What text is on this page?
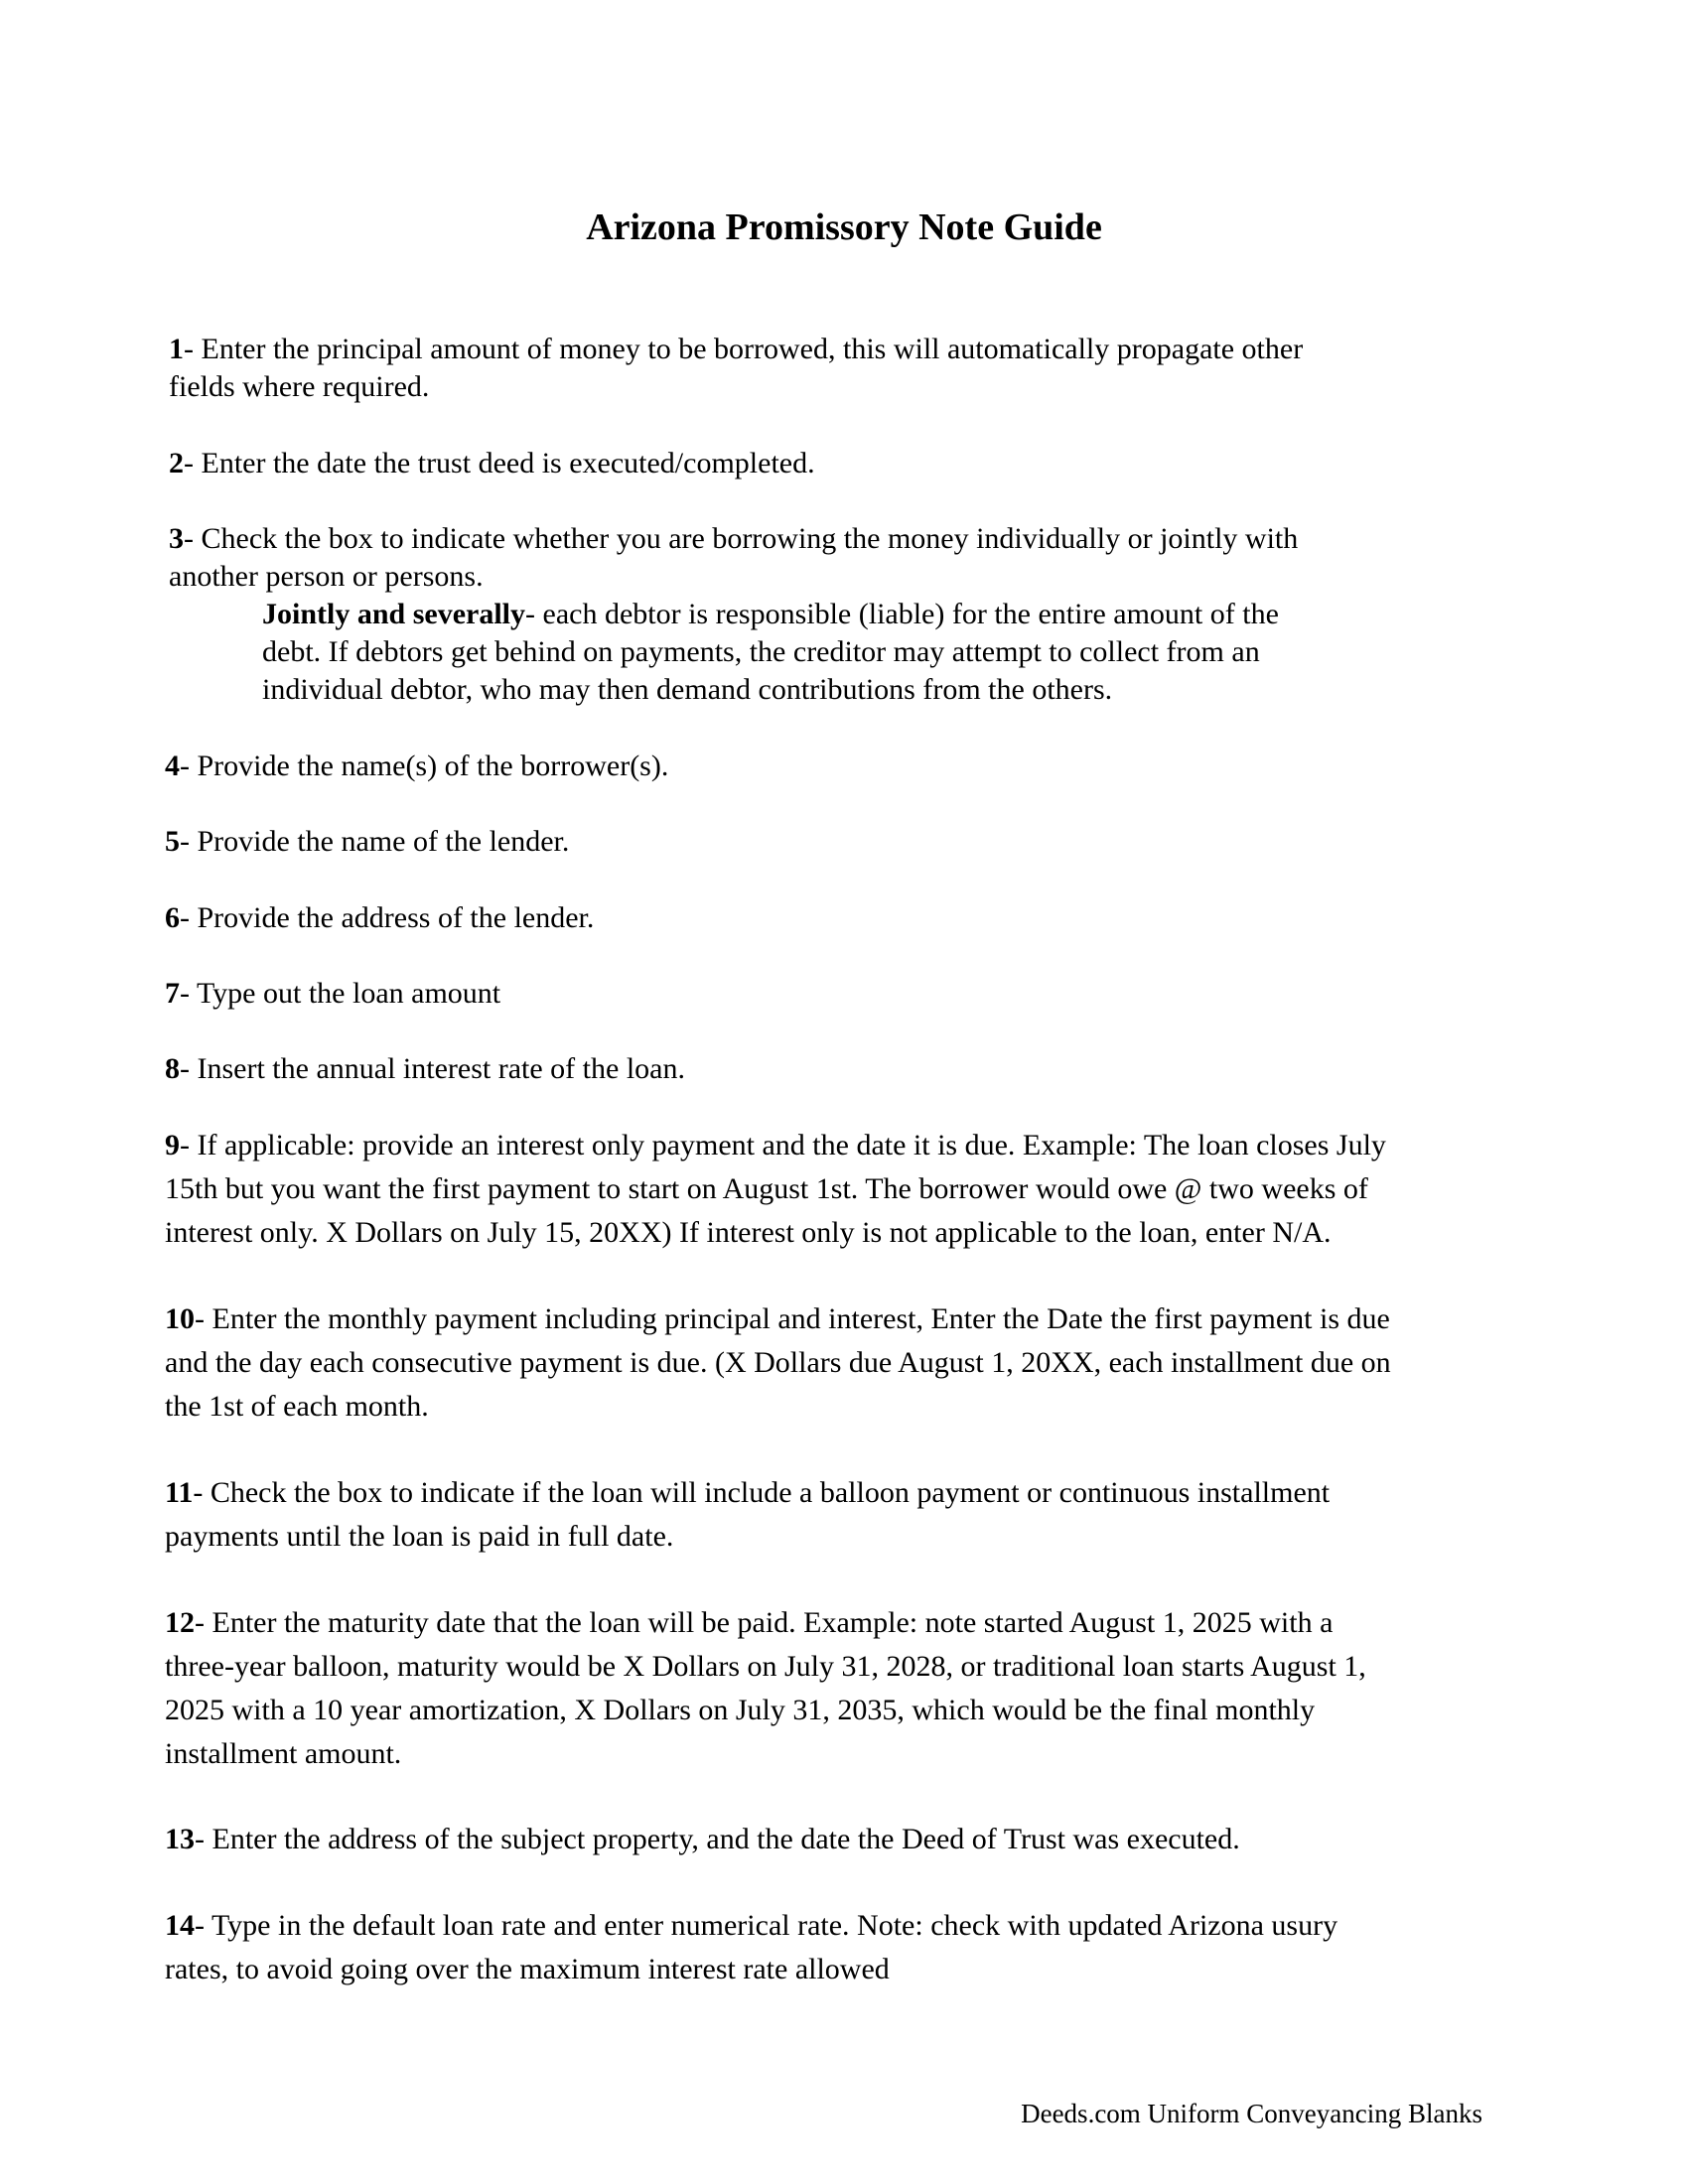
Arizona Promissory Note Guide
1- Enter the principal amount of money to be borrowed, this will automatically propagate other
fields where required.
2- Enter the date the trust deed is executed/completed.
3- Check the box to indicate whether you are borrowing the money individually or jointly with
another person or persons.
Jointly and severally- each debtor is responsible (liable) for the entire amount of the
debt. If debtors get behind on payments, the creditor may attempt to collect from an
individual debtor, who may then demand contributions from the others.
4- Provide the name(s) of the borrower(s).
5- Provide the name of the lender.
6- Provide the address of the lender.
7- Type out the loan amount
8- Insert the annual interest rate of the loan.
9- If applicable: provide an interest only payment and the date it is due. Example: The loan closes July
15th but you want the first payment to start on August 1st. The borrower would owe @ two weeks of
interest only. X Dollars on July 15, 20XX) If interest only is not applicable to the loan, enter N/A.
10- Enter the monthly payment including principal and interest, Enter the Date the first payment is due
and the day each consecutive payment is due. (X Dollars due August 1, 20XX, each installment due on
the 1st of each month.
11- Check the box to indicate if the loan will include a balloon payment or continuous installment
payments until the loan is paid in full date.
12- Enter the maturity date that the loan will be paid. Example: note started August 1, 2025 with a
three-year balloon, maturity would be X Dollars on July 31, 2028, or traditional loan starts August 1,
2025 with a 10 year amortization, X Dollars on July 31, 2035, which would be the final monthly
installment amount.
13- Enter the address of the subject property, and the date the Deed of Trust was executed.
14- Type in the default loan rate and enter numerical rate. Note: check with updated Arizona usury
rates, to avoid going over the maximum interest rate allowed
Deeds.com Uniform Conveyancing Blanks
